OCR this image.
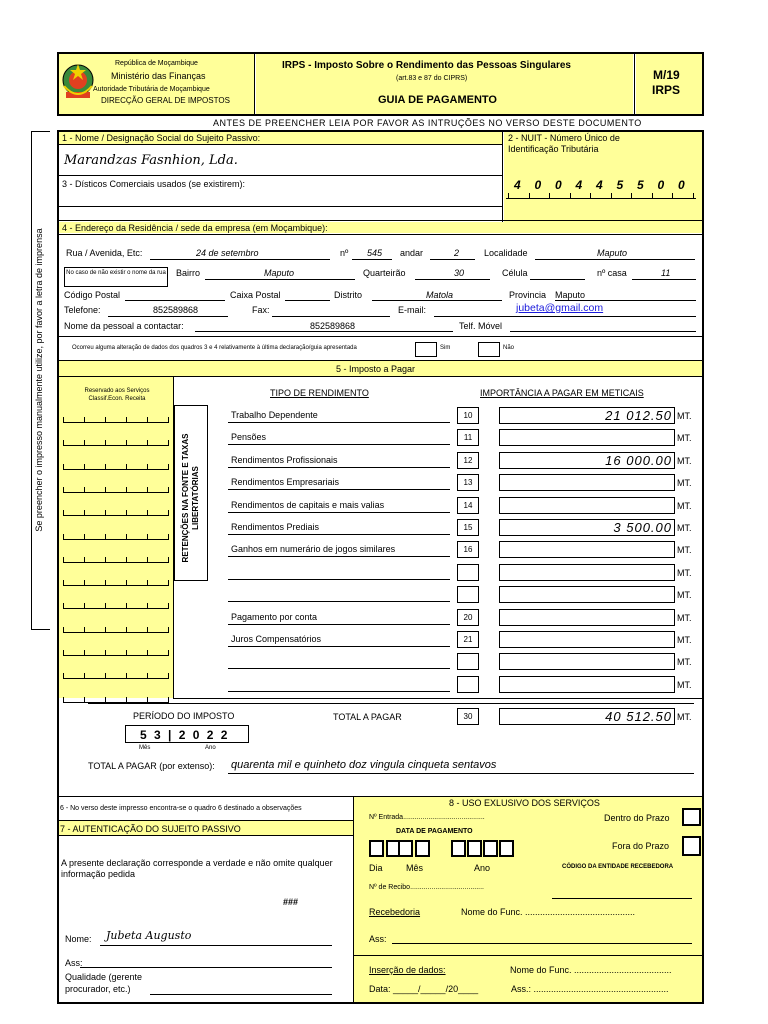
República de Moçambique
Ministério das Finanças
Autoridade Tributária de Moçambique
DIRECÇÃO GERAL DE IMPOSTOS
IRPS - Imposto Sobre o Rendimento das Pessoas Singulares
(art.83 e 87 do CIPRS)
GUIA DE PAGAMENTO
M/19
IRPS
ANTES DE PREENCHER LEIA POR FAVOR AS INTRUÇÕES NO VERSO DESTE DOCUMENTO
Se preencher o impresso manualmente utilize, por favor a letra de imprensa
1 - Nome / Designação Social do Sujeito Passivo:
Marandzas Fasnhion, Lda.
2 - NUIT - Número Único de Identificação Tributária
4 0 0 4 4 5 5 0 0
3 - Dísticos Comerciais usados (se existirem):
4 - Endereço da Residência / sede da empresa (em Moçambique):
Rua / Avenida, Etc:	24 de setembro	nº 545 andar	2	Localidade	Maputo
No caso de não existir o nome da rua Bairro	Maputo	Quarteirão	30	Célula	nº casa	11
Código Postal	Caixa Postal	Distrito	Matola	Provincia Maputo
Telefone:	852589868	Fax:	E-mail:	jubeta@gmail.com
Nome da pessoal a contactar:	852589868	Telf. Móvel
Ocorreu alguma alteração de dados dos quadros 3 e 4 relativamente à última declaração/guia apresentada	Sim	Não
5 - Imposto a Pagar
Reservado aos Serviços Classif.Econ. Receita
RETENÇÕES NA FONTE E TAXAS LIBERTATÓRIAS
TIPO DE RENDIMENTO	IMPORTÂNCIA A PAGAR EM METICAIS
Trabalho Dependente	10	21 012.50 MT.
Pensões	11	MT.
Rendimentos Profissionais	12	16 000.00 MT.
Rendimentos Empresariais	13	MT.
Rendimentos de capitais e mais valias	14	MT.
Rendimentos Prediais	15	3 500.00 MT.
Ganhos em numerário de jogos similares	16	MT.
MT.
MT.
Pagamento por conta	20	MT.
Juros Compensatórios	21	MT.
MT.
MT.
PERÍODO DO IMPOSTO
5 3 | 2 0 2 2
Mês	Ano
TOTAL A PAGAR	30	40 512.50 MT.
TOTAL A PAGAR (por extenso): quarenta mil e quinheto doz vingula cinqueta sentavos
6 - No verso deste impresso encontra-se o quadro 6 destinado a observações
7 - AUTENTICAÇÃO DO SUJEITO PASSIVO
A presente declaração corresponde a verdade e não omite qualquer informação pedida
###
Nome: Jubeta Augusto
Ass:
Qualidade (gerente procurador, etc.)
8 - USO EXLUSIVO DOS SERVIÇOS
Nº Entrada..........................................	Dentro do Prazo
DATA DE PAGAMENTO
Fora do Prazo
Dia	Mês	Ano	CÓDIGO DA ENTIDADE RECEBEDORA
Nº de Recibo......................................
Recebedoria	Nome do Func. ............................................
Ass:
Inserção de dados:	Nome do Func. .......................................
Data: _____/_____/20____	Ass.: ......................................................
